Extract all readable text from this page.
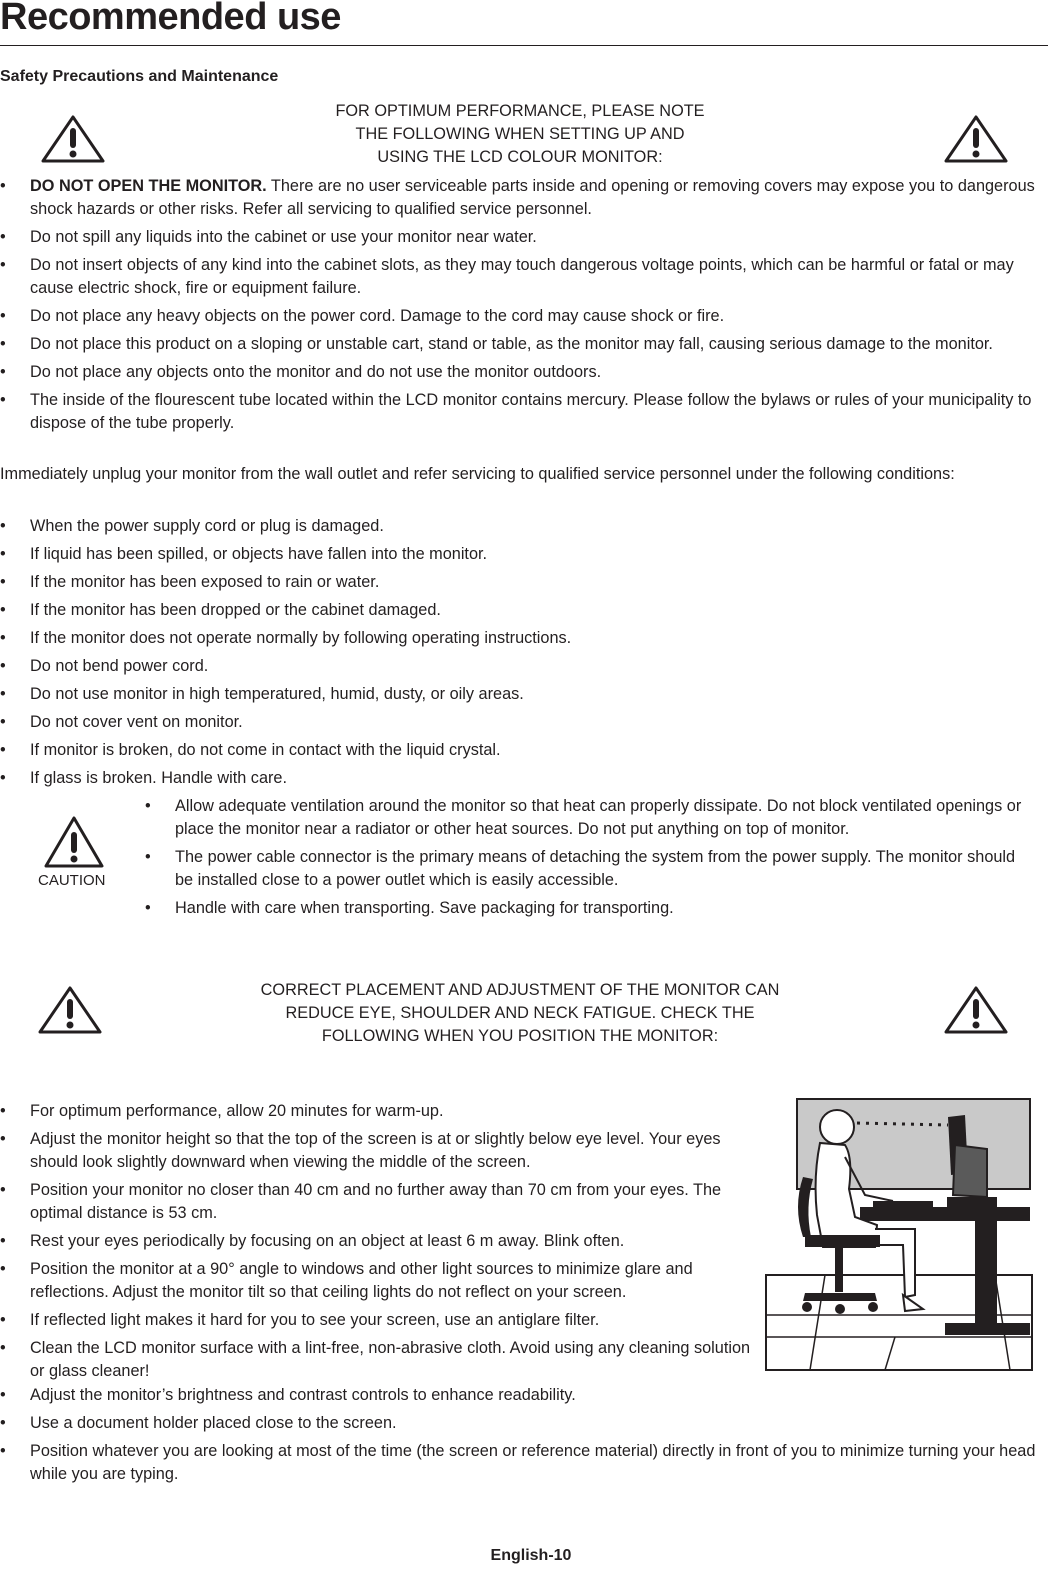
Recommended use
Safety Precautions and Maintenance
FOR OPTIMUM PERFORMANCE, PLEASE NOTE
THE FOLLOWING WHEN SETTING UP AND
USING THE LCD COLOUR MONITOR:
• DO NOT OPEN THE MONITOR. There are no user serviceable parts inside and opening or removing covers may expose you to dangerous shock hazards or other risks. Refer all servicing to qualified service personnel.
• Do not spill any liquids into the cabinet or use your monitor near water.
• Do not insert objects of any kind into the cabinet slots, as they may touch dangerous voltage points, which can be harmful or fatal or may cause electric shock, fire or equipment failure.
• Do not place any heavy objects on the power cord. Damage to the cord may cause shock or fire.
• Do not place this product on a sloping or unstable cart, stand or table, as the monitor may fall, causing serious damage to the monitor.
• Do not place any objects onto the monitor and do not use the monitor outdoors.
• The inside of the flourescent tube located within the LCD monitor contains mercury. Please follow the bylaws or rules of your municipality to dispose of the tube properly.
Immediately unplug your monitor from the wall outlet and refer servicing to qualified service personnel under the following conditions:
• When the power supply cord or plug is damaged.
• If liquid has been spilled, or objects have fallen into the monitor.
• If the monitor has been exposed to rain or water.
• If the monitor has been dropped or the cabinet damaged.
• If the monitor does not operate normally by following operating instructions.
• Do not bend power cord.
• Do not use monitor in high temperatured, humid, dusty, or oily areas.
• Do not cover vent on monitor.
• If monitor is broken, do not come in contact with the liquid crystal.
• If glass is broken. Handle with care.
CAUTION
• Allow adequate ventilation around the monitor so that heat can properly dissipate. Do not block ventilated openings or place the monitor near a radiator or other heat sources. Do not put anything on top of monitor.
• The power cable connector is the primary means of detaching the system from the power supply. The monitor should be installed close to a power outlet which is easily accessible.
• Handle with care when transporting. Save packaging for transporting.
CORRECT PLACEMENT AND ADJUSTMENT OF THE MONITOR CAN
REDUCE EYE, SHOULDER AND NECK FATIGUE. CHECK THE
FOLLOWING WHEN YOU POSITION THE MONITOR:
• For optimum performance, allow 20 minutes for warm-up.
• Adjust the monitor height so that the top of the screen is at or slightly below eye level. Your eyes should look slightly downward when viewing the middle of the screen.
• Position your monitor no closer than 40 cm and no further away than 70 cm from your eyes. The optimal distance is 53 cm.
• Rest your eyes periodically by focusing on an object at least 6 m away. Blink often.
• Position the monitor at a 90° angle to windows and other light sources to minimize glare and reflections. Adjust the monitor tilt so that ceiling lights do not reflect on your screen.
• If reflected light makes it hard for you to see your screen, use an antiglare filter.
• Clean the LCD monitor surface with a lint-free, non-abrasive cloth. Avoid using any cleaning solution or glass cleaner!
• Adjust the monitor’s brightness and contrast controls to enhance readability.
• Use a document holder placed close to the screen.
• Position whatever you are looking at most of the time (the screen or reference material) directly in front of you to minimize turning your head while you are typing.
English-10
